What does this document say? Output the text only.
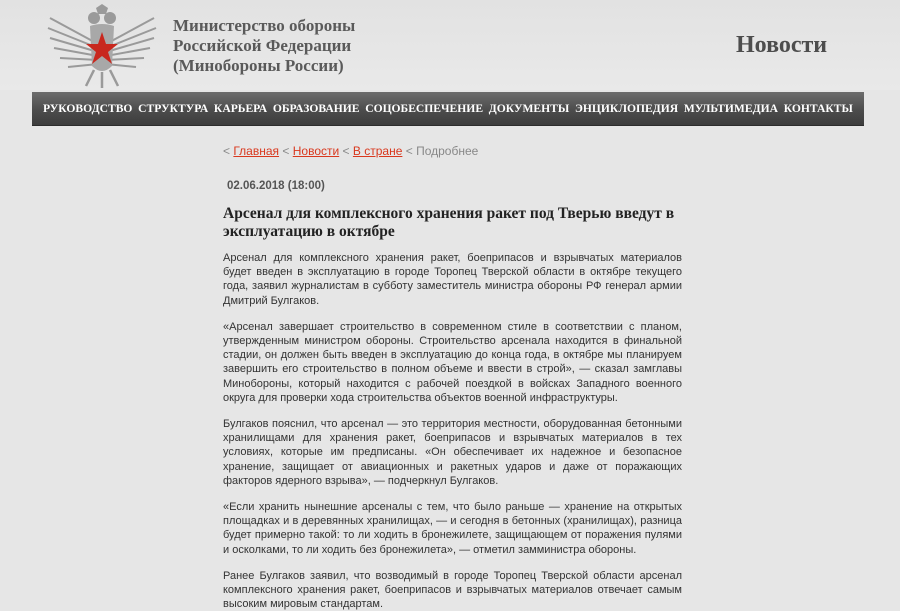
Министерство обороны
Российской Федерации
(Минобороны России)
Новости
РУКОВОДСТВО СТРУКТУРА КАРЬЕРА ОБРАЗОВАНИЕ СОЦОБЕСПЕЧЕНИЕ ДОКУМЕНТЫ ЭНЦИКЛОПЕДИЯ МУЛЬТИМЕДИА КОНТАКТЫ
< Главная < Новости < В стране < Подробнее
02.06.2018 (18:00)
Арсенал для комплексного хранения ракет под Тверью введут в эксплуатацию в октябре

Арсенал для комплексного хранения ракет, боеприпасов и взрывчатых материалов будет введен в эксплуатацию в городе Торопец Тверской области в октябре текущего года, заявил журналистам в субботу заместитель министра обороны РФ генерал армии Дмитрий Булгаков.

«Арсенал завершает строительство в современном стиле в соответствии с планом, утвержденным министром обороны. Строительство арсенала находится в финальной стадии, он должен быть введен в эксплуатацию до конца года, в октябре мы планируем завершить его строительство в полном объеме и ввести в строй», — сказал замглавы Минобороны, который находится с рабочей поездкой в войсках Западного военного округа для проверки хода строительства объектов военной инфраструктуры.

Булгаков пояснил, что арсенал — это территория местности, оборудованная бетонными хранилищами для хранения ракет, боеприпасов и взрывчатых материалов в тех условиях, которые им предписаны. «Он обеспечивает их надежное и безопасное хранение, защищает от авиационных и ракетных ударов и даже от поражающих факторов ядерного взрыва», — подчеркнул Булгаков.

«Если хранить нынешние арсеналы с тем, что было раньше — хранение на открытых площадках и в деревянных хранилищах, — и сегодня в бетонных (хранилищах), разница будет примерно такой: то ли ходить в бронежилете, защищающем от поражения пулями и осколками, то ли ходить без бронежилета», — отметил замминистра обороны.

Ранее Булгаков заявил, что возводимый в городе Торопец Тверской области арсенал комплексного хранения ракет, боеприпасов и взрывчатых материалов отвечает самым высоким мировым стандартам.
